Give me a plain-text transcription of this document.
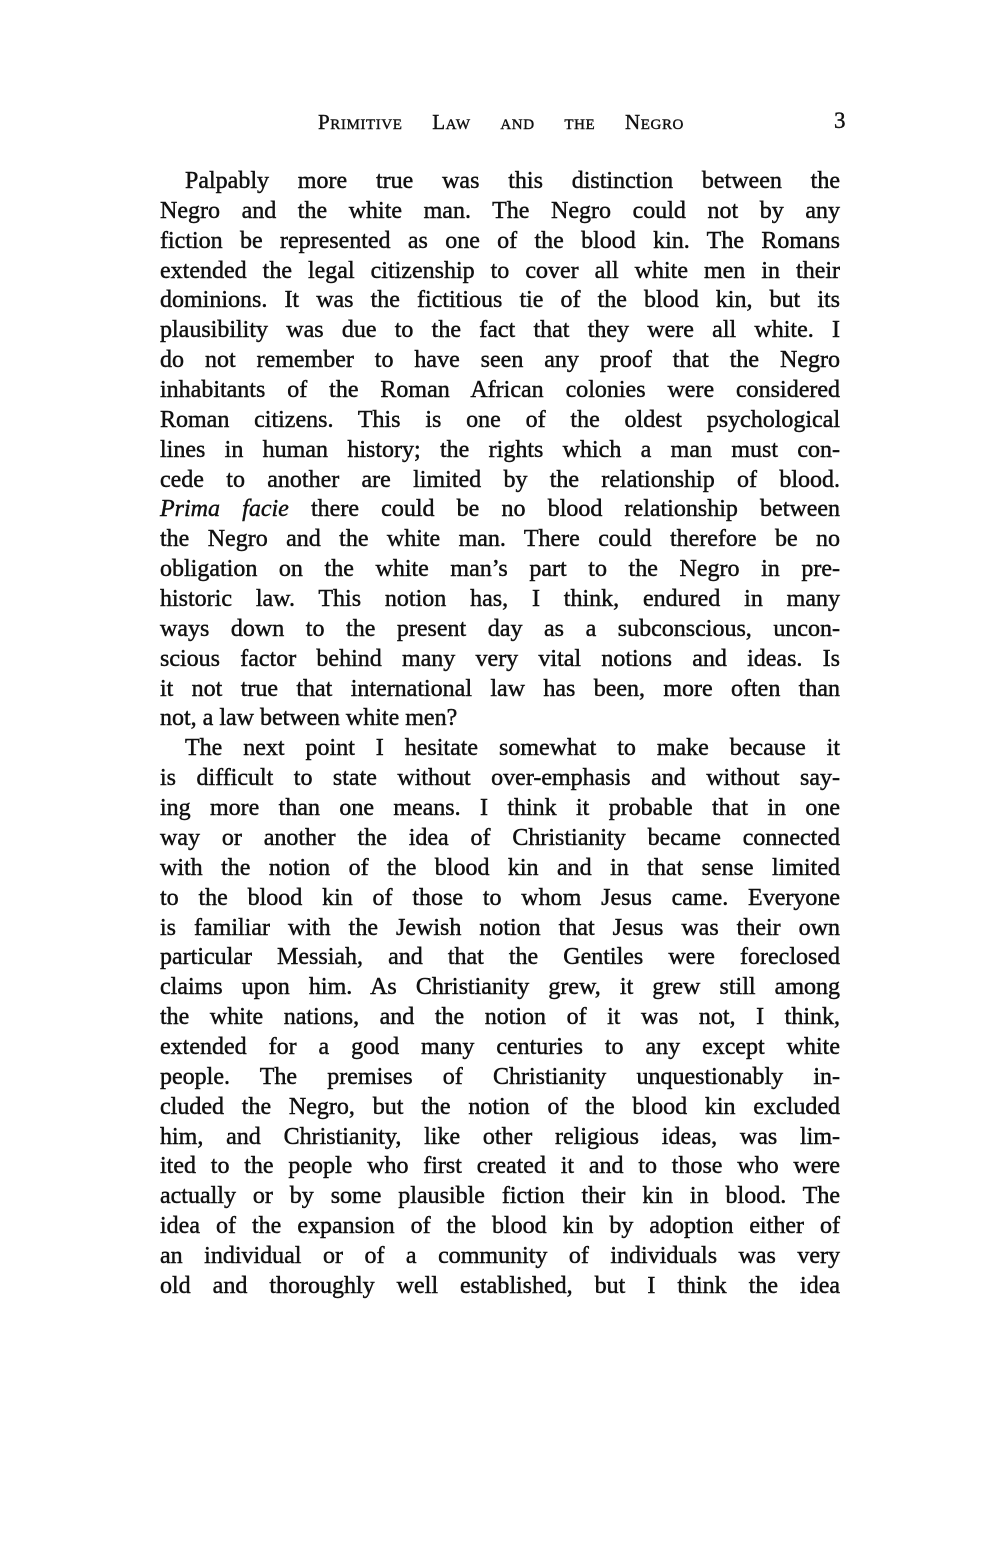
Primitive Law and the Negro	3
Palpably more true was this distinction between the
Negro and the white man. The Negro could not by any
fiction be represented as one of the blood kin. The Romans
extended the legal citizenship to cover all white men in their
dominions. It was the fictitious tie of the blood kin, but its
plausibility was due to the fact that they were all white. I
do not remember to have seen any proof that the Negro
inhabitants of the Roman African colonies were considered
Roman citizens. This is one of the oldest psychological
lines in human history; the rights which a man must con-
cede to another are limited by the relationship of blood.
Prima facie there could be no blood relationship between
the Negro and the white man. There could therefore be no
obligation on the white man’s part to the Negro in pre-
historic law. This notion has, I think, endured in many
ways down to the present day as a subconscious, uncon-
scious factor behind many very vital notions and ideas. Is
it not true that international law has been, more often than
not, a law between white men?
The next point I hesitate somewhat to make because it
is difficult to state without over-emphasis and without say-
ing more than one means. I think it probable that in one
way or another the idea of Christianity became connected
with the notion of the blood kin and in that sense limited
to the blood kin of those to whom Jesus came. Everyone
is familiar with the Jewish notion that Jesus was their own
particular Messiah, and that the Gentiles were foreclosed
claims upon him. As Christianity grew, it grew still among
the white nations, and the notion of it was not, I think,
extended for a good many centuries to any except white
people. The premises of Christianity unquestionably in-
cluded the Negro, but the notion of the blood kin excluded
him, and Christianity, like other religious ideas, was lim-
ited to the people who first created it and to those who were
actually or by some plausible fiction their kin in blood. The
idea of the expansion of the blood kin by adoption either of
an individual or of a community of individuals was very
old and thoroughly well established, but I think the idea
